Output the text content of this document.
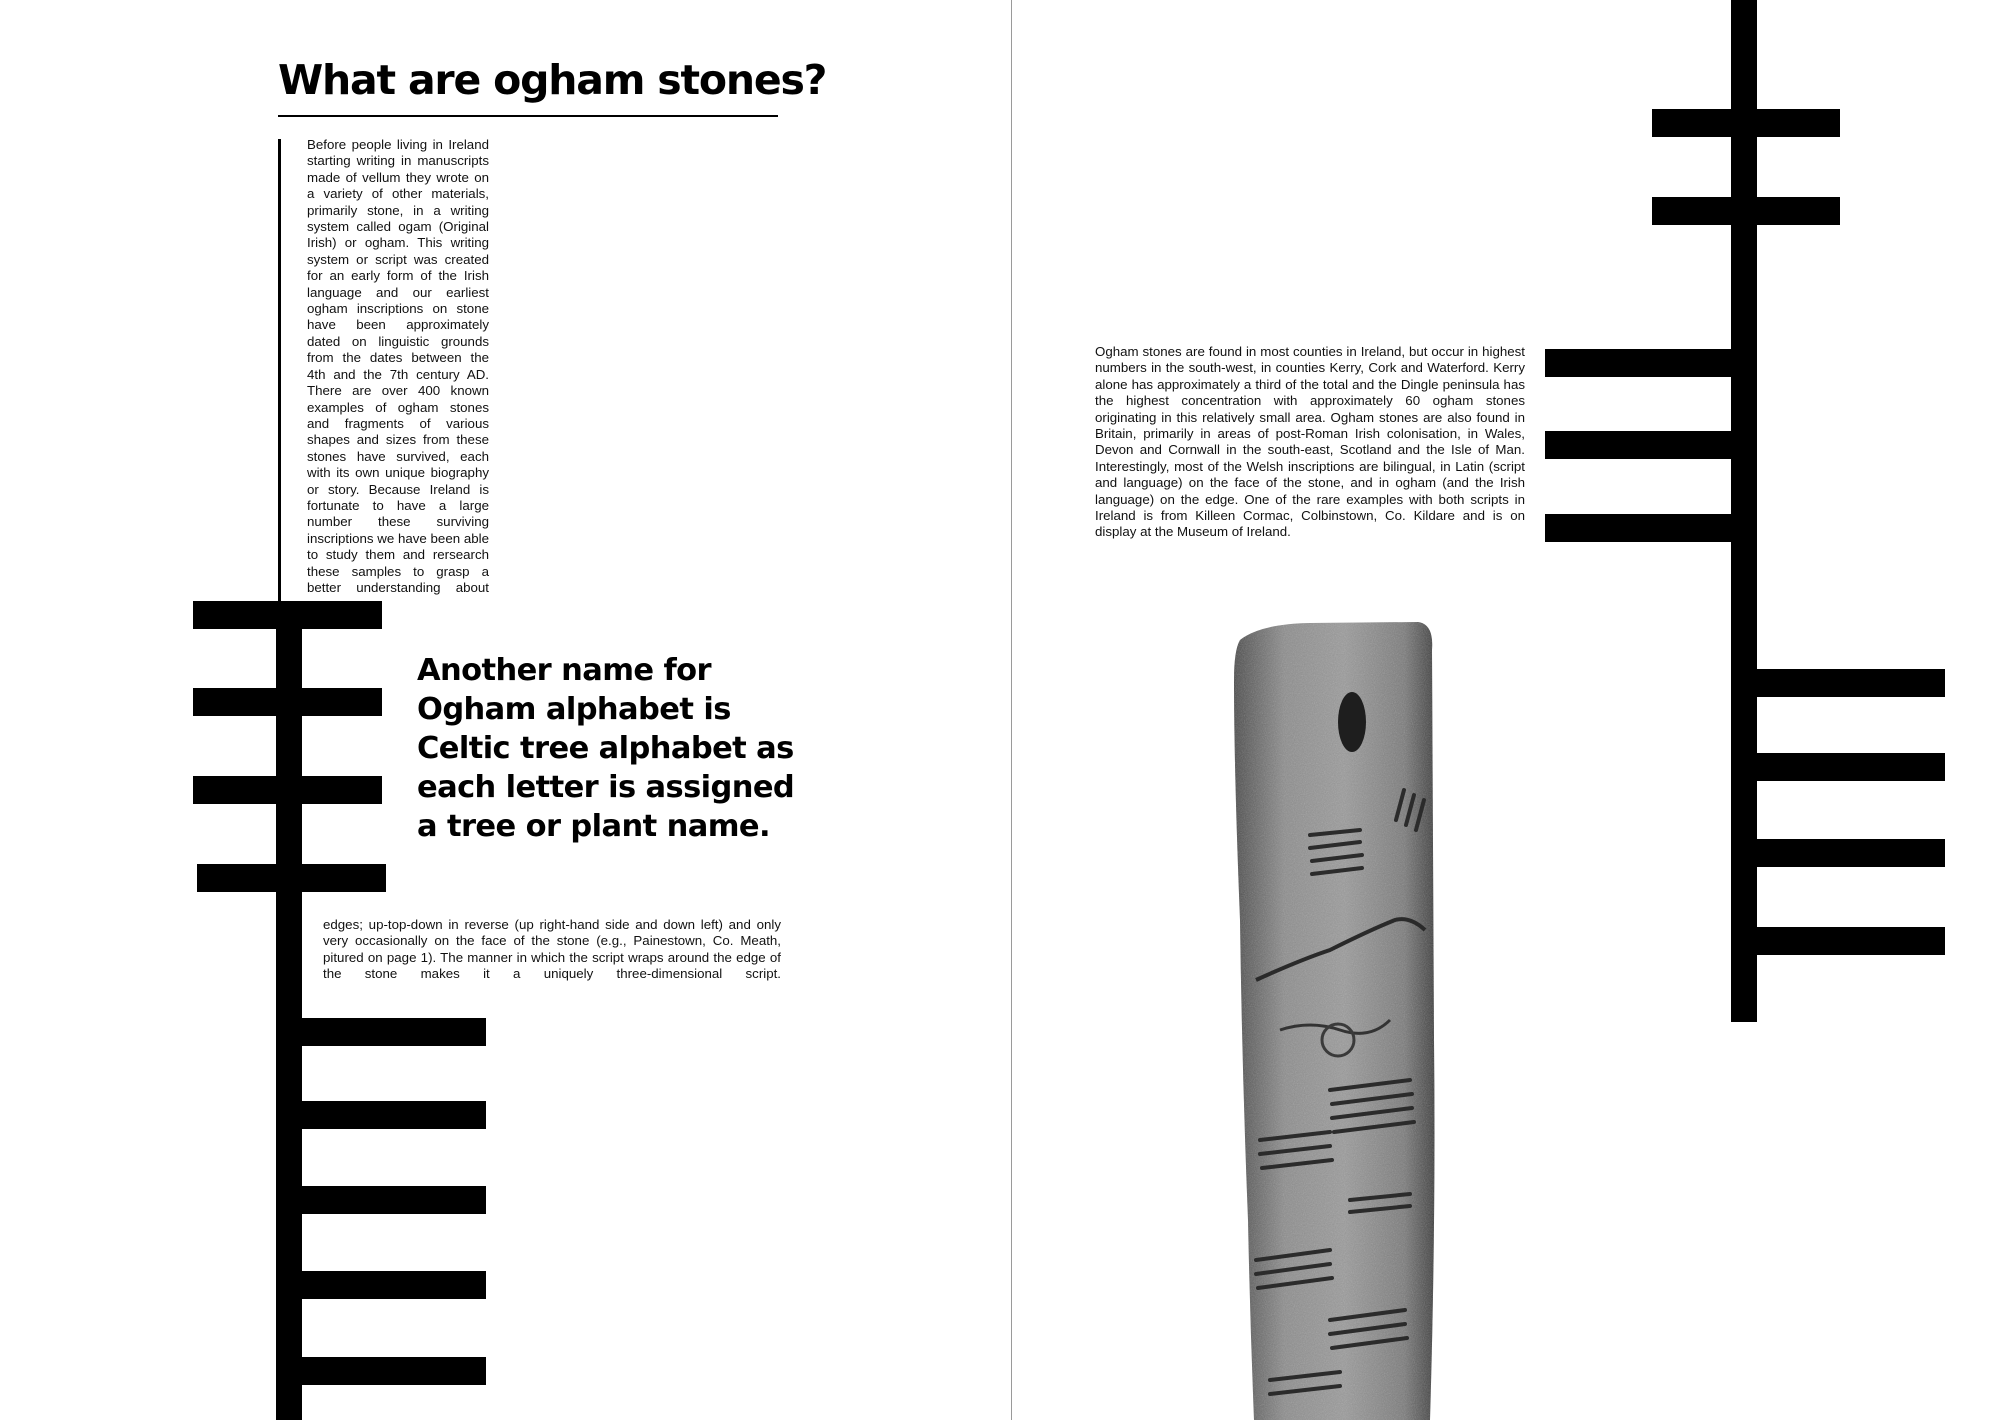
What are ogham stones?
Before people living in Ireland starting writing in manuscripts made of vellum they wrote on a variety of other materials, primarily stone, in a writing system called ogam (Original Irish) or ogham. This writing system or script was created for an early form of the Irish language and our earliest ogham inscriptions on stone have been approximately dated on linguistic grounds from the dates between the 4th and the 7th century AD. There are over 400 known examples of ogham stones and fragments of various shapes and sizes from these stones have survived, each with its own unique biography or story. Because Ireland is fortunate to have a large number these surviving inscriptions we have been able to study them and rersearch these samples to grasp a better understanding about
Another name for Ogham alphabet is Celtic tree alphabet as each letter is assigned a tree or plant name.
edges; up-top-down in reverse (up right-hand side and down left) and only very occasionally on the face of the stone (e.g., Painestown, Co. Meath, pitured on page 1). The manner in which the script wraps around the edge of the stone makes it a uniquely three-dimensional script.
Ogham stones are found in most counties in Ireland, but occur in highest numbers in the south-west, in counties Kerry, Cork and Waterford. Kerry alone has approximately a third of the total and the Dingle peninsula has the highest concentration with approximately 60 ogham stones originating in this relatively small area. Ogham stones are also found in Britain, primarily in areas of post-Roman Irish colonisation, in Wales, Devon and Cornwall in the south-east, Scotland and the Isle of Man. Interestingly, most of the Welsh inscriptions are bilingual, in Latin (script and language) on the face of the stone, and in ogham (and the Irish language) on the edge. One of the rare examples with both scripts in Ireland is from Killeen Cormac, Colbinstown, Co. Kildare and is on display at the Museum of Ireland.
